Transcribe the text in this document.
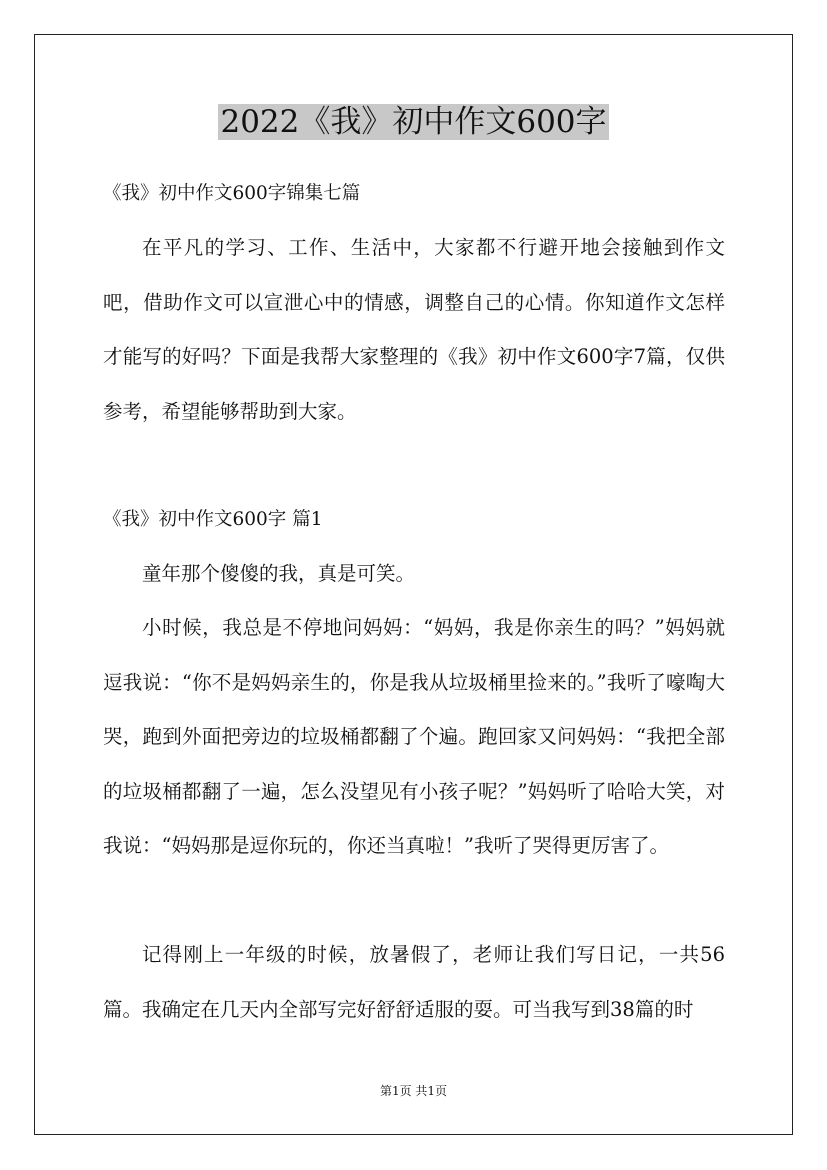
2022《我》初中作文600字
《我》初中作文600字锦集七篇
在平凡的学习、工作、生活中，大家都不行避开地会接触到作文吧，借助作文可以宣泄心中的情感，调整自己的心情。你知道作文怎样才能写的好吗？下面是我帮大家整理的《我》初中作文600字7篇，仅供参考，希望能够帮助到大家。
《我》初中作文600字 篇1
童年那个傻傻的我，真是可笑。
小时候，我总是不停地问妈妈：“妈妈，我是你亲生的吗？”妈妈就逗我说：“你不是妈妈亲生的，你是我从垃圾桶里捡来的。”我听了嚎啕大哭，跑到外面把旁边的垃圾桶都翻了个遍。跑回家又问妈妈：“我把全部的垃圾桶都翻了一遍，怎么没望见有小孩子呢？”妈妈听了哈哈大笑，对我说：“妈妈那是逗你玩的，你还当真啦！”我听了哭得更厉害了。
记得刚上一年级的时候，放暑假了，老师让我们写日记，一共56篇。我确定在几天内全部写完好舒舒适服的耍。可当我写到38篇的时
第1页 共1页
